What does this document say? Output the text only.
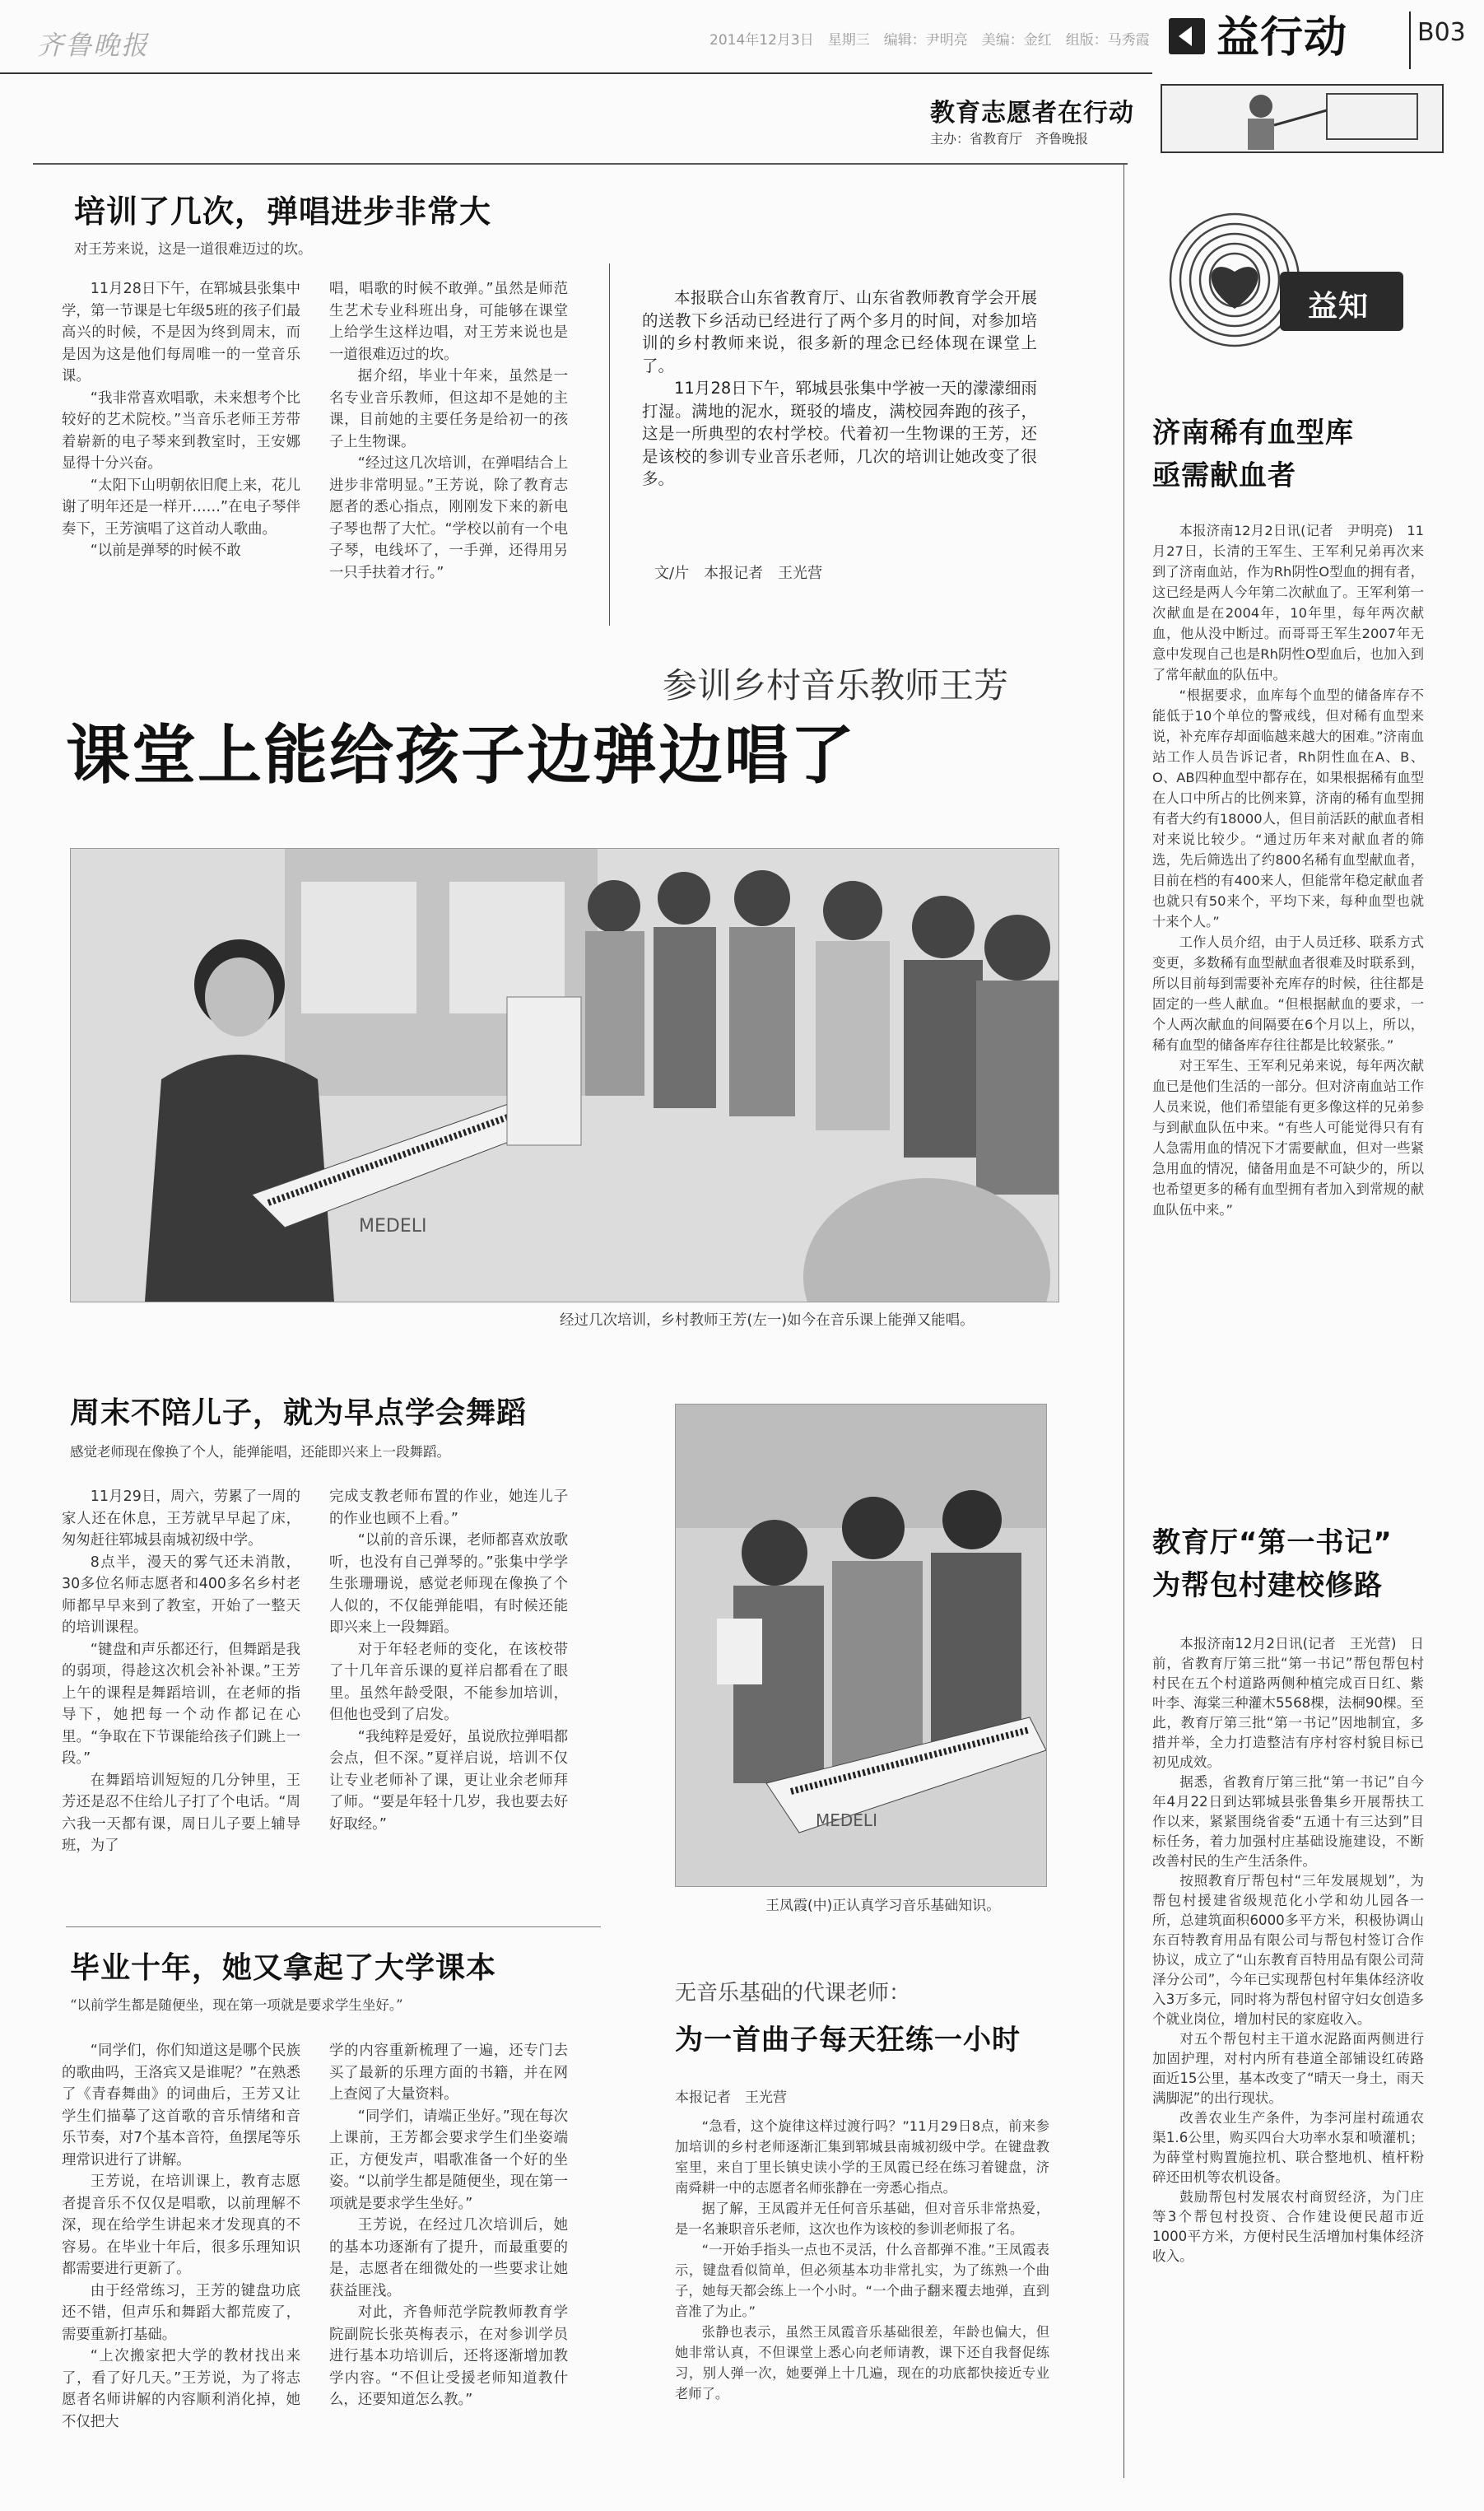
齐鲁晚报	2014年12月3日　星期三　编辑：尹明亮　美编：金红　组版：马秀霞 益行动	B03
教育志愿者在行动
主办：省教育厅　齐鲁晚报
培训了几次，弹唱进步非常大
对王芳来说，这是一道很难迈过的坎。

11月28日下午，在郓城县张集中学，第一节课是七年级5班的孩子们最高兴的时候，不是因为终到周末，而是因为这是他们每周唯一的一堂音乐课。

“我非常喜欢唱歌，未来想考个比较好的艺术院校。”当音乐老师王芳带着崭新的电子琴来到教室时，王安娜显得十分兴奋。

“太阳下山明朝依旧爬上来，花儿谢了明年还是一样开……”在电子琴伴奏下，王芳演唱了这首动人歌曲。

“以前是弹琴的时候不敢

唱，唱歌的时候不敢弹。”虽然是师范生艺术专业科班出身，可能够在课堂上给学生这样边唱，对王芳来说也是一道很难迈过的坎。

据介绍，毕业十年来，虽然是一名专业音乐教师，但这却不是她的主课，目前她的主要任务是给初一的孩子上生物课。

“经过这几次培训，在弹唱结合上进步非常明显。”王芳说，除了教育志愿者的悉心指点，刚刚发下来的新电子琴也帮了大忙。“学校以前有一个电子琴，电线坏了，一手弹，还得用另一只手扶着才行。”

本报联合山东省教育厅、山东省教师教育学会开展的送教下乡活动已经进行了两个多月的时间，对参加培训的乡村教师来说，很多新的理念已经体现在课堂上了。

11月28日下午，郓城县张集中学被一天的濛濛细雨打湿。满地的泥水，斑驳的墙皮，满校园奔跑的孩子，这是一所典型的农村学校。代着初一生物课的王芳，还是该校的参训专业音乐老师，几次的培训让她改变了很多。

文/片　本报记者　王光营
参训乡村音乐教师王芳
课堂上能给孩子边弹边唱了
MEDELI
经过几次培训，乡村教师王芳(左一)如今在音乐课上能弹又能唱。
周末不陪儿子，就为早点学会舞蹈
感觉老师现在像换了个人，能弹能唱，还能即兴来上一段舞蹈。

11月29日，周六，劳累了一周的家人还在休息，王芳就早早起了床，匆匆赶往郓城县南城初级中学。

8点半，漫天的雾气还未消散，30多位名师志愿者和400多名乡村老师都早早来到了教室，开始了一整天的培训课程。

“键盘和声乐都还行，但舞蹈是我的弱项，得趁这次机会补补课。”王芳上午的课程是舞蹈培训，在老师的指导下，她把每一个动作都记在心里。“争取在下节课能给孩子们跳上一段。”

在舞蹈培训短短的几分钟里，王芳还是忍不住给儿子打了个电话。“周六我一天都有课，周日儿子要上辅导班，为了

完成支教老师布置的作业，她连儿子的作业也顾不上看。”

“以前的音乐课，老师都喜欢放歌听，也没有自己弹琴的。”张集中学学生张珊珊说，感觉老师现在像换了个人似的，不仅能弹能唱，有时候还能即兴来上一段舞蹈。

对于年轻老师的变化，在该校带了十几年音乐课的夏祥启都看在了眼里。虽然年龄受限，不能参加培训，但他也受到了启发。

“我纯粹是爱好，虽说欣拉弹唱都会点，但不深。”夏祥启说，培训不仅让专业老师补了课，更让业余老师拜了师。“要是年轻十几岁，我也要去好好取经。”	MEDELI
王凤霞(中)正认真学习音乐基础知识。
毕业十年，她又拿起了大学课本
“以前学生都是随便坐，现在第一项就是要求学生坐好。”

“同学们，你们知道这是哪个民族的歌曲吗，王洛宾又是谁呢？”在熟悉了《青春舞曲》的词曲后，王芳又让学生们描摹了这首歌的音乐情绪和音乐节奏，对7个基本音符，鱼摆尾等乐理常识进行了讲解。

王芳说，在培训课上，教育志愿者提音乐不仅仅是唱歌，以前理解不深，现在给学生讲起来才发现真的不容易。在毕业十年后，很多乐理知识都需要进行更新了。

由于经常练习，王芳的键盘功底还不错，但声乐和舞蹈大都荒废了，需要重新打基础。

“上次搬家把大学的教材找出来了，看了好几天。”王芳说，为了将志愿者名师讲解的内容顺利消化掉，她不仅把大

学的内容重新梳理了一遍，还专门去买了最新的乐理方面的书籍，并在网上查阅了大量资料。

“同学们，请端正坐好。”现在每次上课前，王芳都会要求学生们坐姿端正，方便发声，唱歌准备一个好的坐姿。“以前学生都是随便坐，现在第一项就是要求学生坐好。”

王芳说，在经过几次培训后，她的基本功逐渐有了提升，而最重要的是，志愿者在细微处的一些要求让她获益匪浅。

对此，齐鲁师范学院教师教育学院副院长张英梅表示，在对参训学员进行基本功培训后，还将逐渐增加教学内容。“不但让受援老师知道教什么，还要知道怎么教。”

无音乐基础的代课老师：
为一首曲子每天狂练一小时
本报记者　王光营

“急看，这个旋律这样过渡行吗？”11月29日8点，前来参加培训的乡村老师逐渐汇集到郓城县南城初级中学。在键盘教室里，来自丁里长镇史读小学的王凤霞已经在练习着键盘，济南舜耕一中的志愿者名师张静在一旁悉心指点。

据了解，王凤霞并无任何音乐基础，但对音乐非常热爱，是一名兼职音乐老师，这次也作为该校的参训老师报了名。

“一开始手指头一点也不灵活，什么音都弹不准。”王凤霞表示，键盘看似简单，但必须基本功非常扎实，为了练熟一个曲子，她每天都会练上一个小时。“一个曲子翻来覆去地弹，直到音准了为止。”

张静也表示，虽然王凤霞音乐基础很差，年龄也偏大，但她非常认真，不但课堂上悉心向老师请教，课下还自我督促练习，别人弹一次，她要弹上十几遍，现在的功底都快接近专业老师了。

益知
济南稀有血型库
亟需献血者

本报济南12月2日讯(记者　尹明亮)　11月27日，长清的王军生、王军利兄弟再次来到了济南血站，作为Rh阴性O型血的拥有者，这已经是两人今年第二次献血了。王军利第一次献血是在2004年，10年里，每年两次献血，他从没中断过。而哥哥王军生2007年无意中发现自己也是Rh阴性O型血后，也加入到了常年献血的队伍中。

“根据要求，血库每个血型的储备库存不能低于10个单位的警戒线，但对稀有血型来说，补充库存却面临越来越大的困难。”济南血站工作人员告诉记者，Rh阴性血在A、B、O、AB四种血型中都存在，如果根据稀有血型在人口中所占的比例来算，济南的稀有血型拥有者大约有18000人，但目前活跃的献血者相对来说比较少。“通过历年来对献血者的筛选，先后筛选出了约800名稀有血型献血者，目前在档的有400来人，但能常年稳定献血者也就只有50来个，平均下来，每种血型也就十来个人。”

工作人员介绍，由于人员迁移、联系方式变更，多数稀有血型献血者很难及时联系到，所以目前每到需要补充库存的时候，往往都是固定的一些人献血。“但根据献血的要求，一个人两次献血的间隔要在6个月以上，所以，稀有血型的储备库存往往都是比较紧张。”

对王军生、王军利兄弟来说，每年两次献血已是他们生活的一部分。但对济南血站工作人员来说，他们希望能有更多像这样的兄弟参与到献血队伍中来。“有些人可能觉得只有有人急需用血的情况下才需要献血，但对一些紧急用血的情况，储备用血是不可缺少的，所以也希望更多的稀有血型拥有者加入到常规的献血队伍中来。”

教育厅“第一书记”
为帮包村建校修路

本报济南12月2日讯(记者　王光营)　日前，省教育厅第三批“第一书记”帮包帮包村村民在五个村道路两侧种植完成百日红、紫叶李、海棠三种灌木5568棵，法桐90棵。至此，教育厅第三批“第一书记”因地制宜，多措并举，全力打造整洁有序村容村貌目标已初见成效。

据悉，省教育厅第三批“第一书记”自今年4月22日到达郓城县张鲁集乡开展帮扶工作以来，紧紧围绕省委“五通十有三达到”目标任务，着力加强村庄基础设施建设，不断改善村民的生产生活条件。

按照教育厅帮包村“三年发展规划”，为帮包村援建省级规范化小学和幼儿园各一所，总建筑面积6000多平方米，积极协调山东百特教育用品有限公司与帮包村签订合作协议，成立了“山东教育百特用品有限公司菏泽分公司”，今年已实现帮包村年集体经济收入3万多元，同时将为帮包村留守妇女创造多个就业岗位，增加村民的家庭收入。

对五个帮包村主干道水泥路面两侧进行加固护理，对村内所有巷道全部铺设红砖路面近15公里，基本改变了“晴天一身土，雨天满脚泥”的出行现状。

改善农业生产条件，为李河崖村疏通农渠1.6公里，购买四台大功率水泵和喷灌机；为薛堂村购置施拉机、联合整地机、植杆粉碎还田机等农机设备。

鼓励帮包村发展农村商贸经济，为门庄等3个帮包村投资、合作建设便民超市近1000平方米，方便村民生活增加村集体经济收入。
